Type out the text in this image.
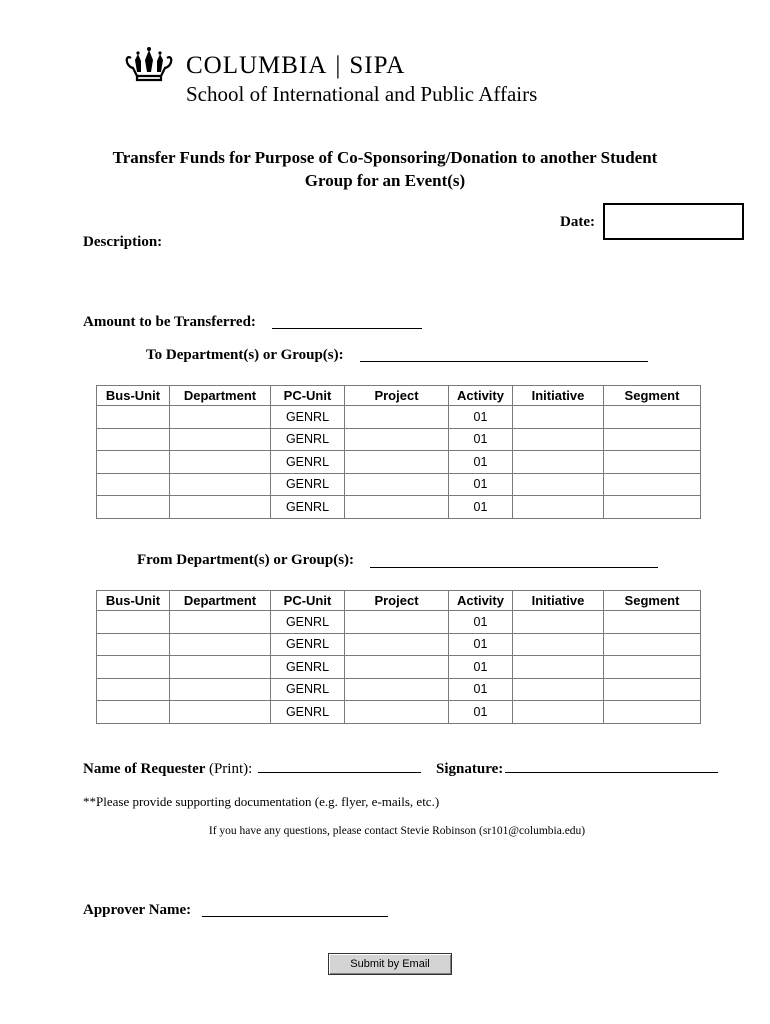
COLUMBIA | SIPA
School of International and Public Affairs
Transfer Funds for Purpose of Co-Sponsoring/Donation to another Student
Group for an Event(s)
Date:
Description:
Amount to be Transferred:
To Department(s) or Group(s):
Bus-Unit	Department	PC-Unit	Project	Activity	Initiative	Segment
		GENRL		01		
		GENRL		01		
		GENRL		01		
		GENRL		01		
		GENRL		01		
From Department(s) or Group(s):
Bus-Unit	Department	PC-Unit	Project	Activity	Initiative	Segment
		GENRL		01		
		GENRL		01		
		GENRL		01		
		GENRL		01		
		GENRL		01		
Name of Requester (Print):	Signature:
**Please provide supporting documentation (e.g. flyer, e-mails, etc.)
If you have any questions, please contact Stevie Robinson (sr101@columbia.edu)
Approver Name:
Submit by Email
